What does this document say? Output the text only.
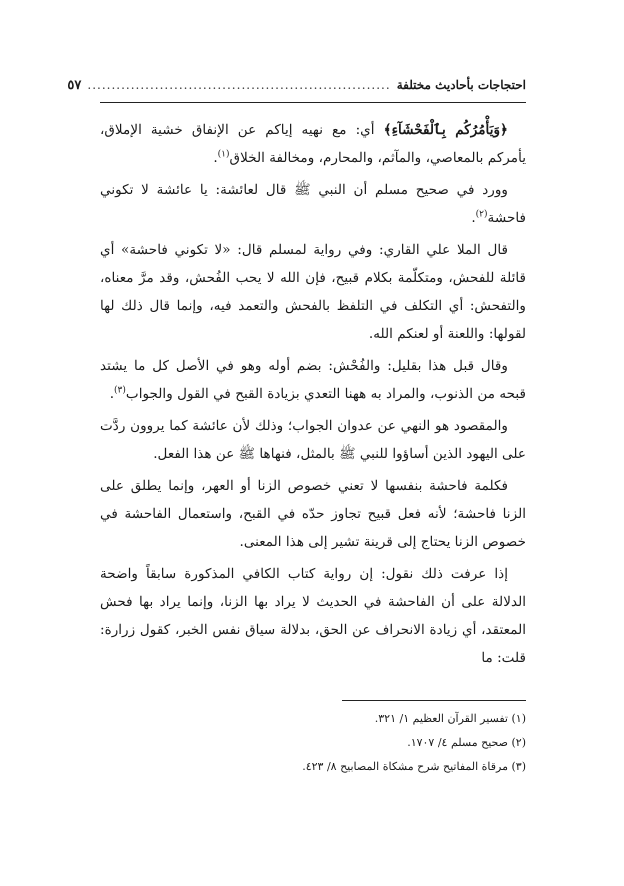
احتجاجات بأحاديث مختلفة
...............................................................
٥٧

﴿وَيَأْمُرُكُم بِٱلْفَحْشَآءِ﴾ أي: مع نهيه إياكم عن الإنفاق خشية الإملاق، يأمركم بالمعاصي، والمآثم، والمحارم، ومخالفة الخلاق$^{(١)}$.

وورد في صحيح مسلم أن النبي ﷺ قال لعائشة: يا عائشة لا تكوني فاحشة$^{(٢)}$.

قال الملا علي القاري: وفي رواية لمسلم قال: «لا تكوني فاحشة» أي قائلة للفحش، ومتكلّمة بكلام قبيح، فإن الله لا يحب الفُحش، وقد مرَّ معناه، والتفحش: أي التكلف في التلفظ بالفحش والتعمد فيه، وإنما قال ذلك لها لقولها: واللعنة أو لعنكم الله.

وقال قبل هذا بقليل: والفُحْش: بضم أوله وهو في الأصل كل ما يشتد قبحه من الذنوب، والمراد به ههنا التعدي بزيادة القبح في القول والجواب$^{(٣)}$.

والمقصود هو النهي عن عدوان الجواب؛ وذلك لأن عائشة كما يروون ردَّت على اليهود الذين أساؤوا للنبي ﷺ بالمثل، فنهاها ﷺ عن هذا الفعل.

فكلمة فاحشة بنفسها لا تعني خصوص الزنا أو العهر، وإنما يطلق على الزنا فاحشة؛ لأنه فعل قبيح تجاوز حدّه في القبح، واستعمال الفاحشة في خصوص الزنا يحتاج إلى قرينة تشير إلى هذا المعنى.

إذا عرفت ذلك نقول: إن رواية كتاب الكافي المذكورة سابقاً واضحة الدلالة على أن الفاحشة في الحديث لا يراد بها الزنا، وإنما يراد بها فحش المعتقد، أي زيادة الانحراف عن الحق، بدلالة سياق نفس الخبر، كقول زرارة: قلت: ما

(١) تفسير القرآن العظيم ١/ ٣٢١.

(٢) صحيح مسلم ٤/ ١٧٠٧.

(٣) مرقاة المفاتيح شرح مشكاة المصابيح ٨/ ٤٢٣.
